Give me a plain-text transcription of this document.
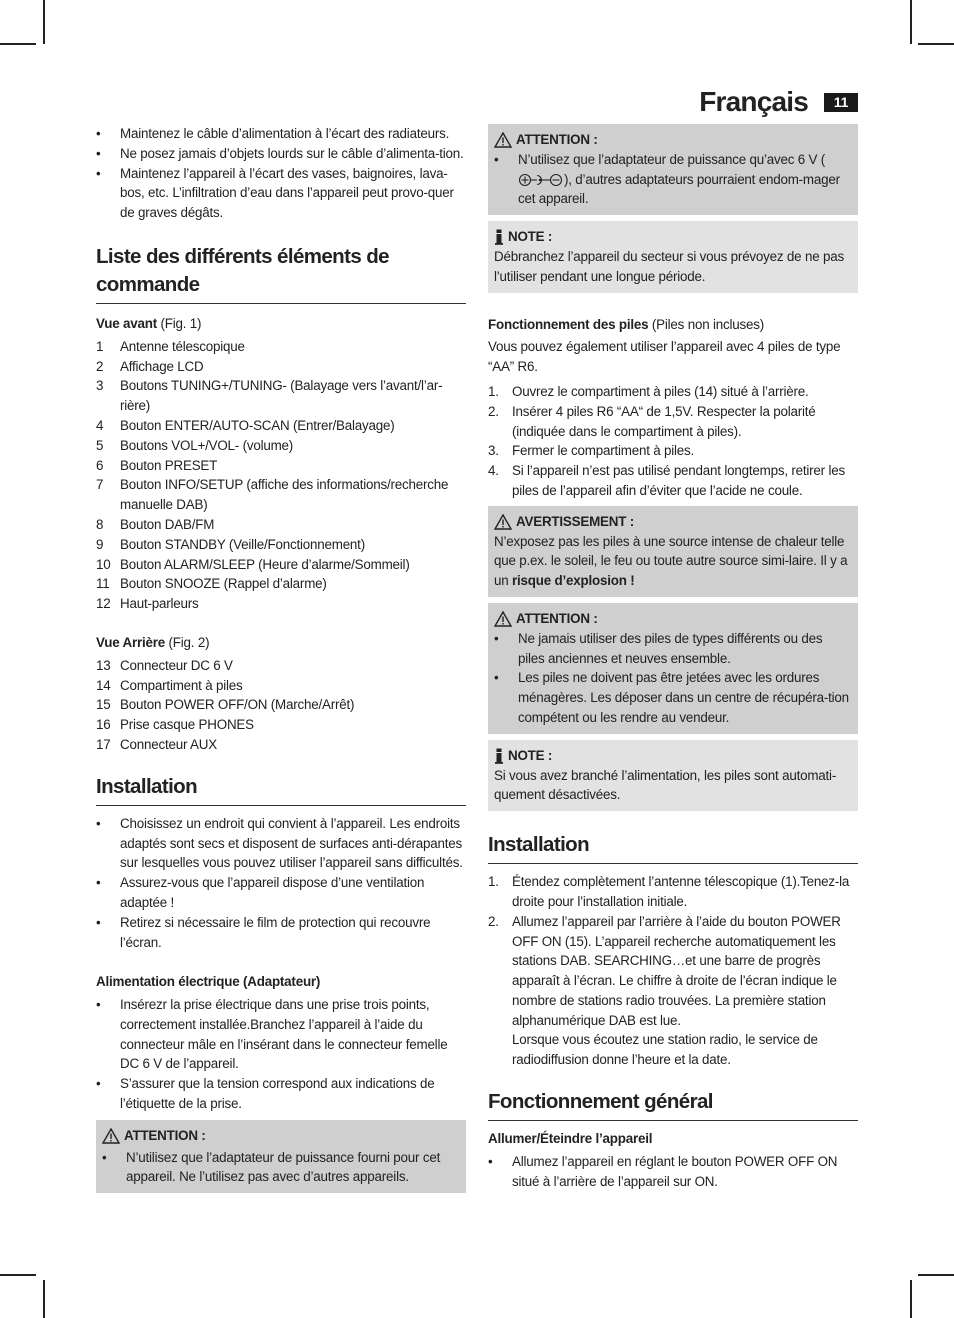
Français	11
• Maintenez le câble d’alimentation à l’écart des radiateurs.
• Ne posez jamais d’objets lourds sur le câble d’alimenta-tion.
• Maintenez l’appareil à l’écart des vases, baignoires, lava-bos, etc. L’infiltration d’eau dans l’appareil peut provo-quer de graves dégâts.
Liste des différents éléments de commande
Vue avant (Fig. 1)
1 Antenne télescopique
2 Affichage LCD
3 Boutons TUNING+/TUNING- (Balayage vers l’avant/l’ar-rière)
4 Bouton ENTER/AUTO-SCAN (Entrer/Balayage)
5 Boutons VOL+/VOL- (volume)
6 Bouton PRESET
7 Bouton INFO/SETUP (affiche des informations/recherche manuelle DAB)
8 Bouton DAB/FM
9 Bouton STANDBY (Veille/Fonctionnement)
10 Bouton ALARM/SLEEP (Heure d’alarme/Sommeil)
11 Bouton SNOOZE (Rappel d’alarme)
12 Haut-parleurs
Vue Arrière (Fig. 2)
13 Connecteur DC 6 V
14 Compartiment à piles
15 Bouton POWER OFF/ON (Marche/Arrêt)
16 Prise casque PHONES
17 Connecteur AUX
Installation
• Choisissez un endroit qui convient à l’appareil. Les endroits adaptés sont secs et disposent de surfaces anti-dérapantes sur lesquelles vous pouvez utiliser l’appareil sans difficultés.
• Assurez-vous que l’appareil dispose d’une ventilation adaptée !
• Retirez si nécessaire le film de protection qui recouvre l’écran.
Alimentation électrique (Adaptateur)
• Insérezr la prise électrique dans une prise trois points, correctement installée.Branchez l’appareil à l’aide du connecteur mâle en l’insérant dans le connecteur femelle DC 6 V de l’appareil.
• S’assurer que la tension correspond aux indications de l’étiquette de la prise.
ATTENTION :
• N’utilisez que l’adaptateur de puissance fourni pour cet appareil. Ne l’utilisez pas avec d’autres appareils.
ATTENTION :
• N’utilisez que l’adaptateur de puissance qu’avec 6 V (), d’autres adaptateurs pourraient endom-mager cet appareil.
NOTE :
Débranchez l’appareil du secteur si vous prévoyez de ne pas l’utiliser pendant une longue période.
Fonctionnement des piles (Piles non incluses)
Vous pouvez également utiliser l’appareil avec 4 piles de type “AA” R6.
1. Ouvrez le compartiment à piles (14) situé à l’arrière.
2. Insérer 4 piles R6 “AA“ de 1,5V. Respecter la polarité (indiquée dans le compartiment à piles).
3. Fermer le compartiment à piles.
4. Si l’appareil n’est pas utilisé pendant longtemps, retirer les piles de l’appareil afin d’éviter que l’acide ne coule.
AVERTISSEMENT :
N’exposez pas les piles à une source intense de chaleur telle que p.ex. le soleil, le feu ou toute autre source simi-laire. Il y a un risque d’explosion !
ATTENTION :
• Ne jamais utiliser des piles de types différents ou des piles anciennes et neuves ensemble.
• Les piles ne doivent pas être jetées avec les ordures ménagères. Les déposer dans un centre de récupéra-tion compétent ou les rendre au vendeur.
NOTE :
Si vous avez branché l’alimentation, les piles sont automati-quement désactivées.
Installation
1. Étendez complètement l’antenne télescopique (1).Tenez-la droite pour l’installation initiale.
2. Allumez l’appareil par l’arrière à l’aide du bouton POWER OFF ON (15). L’appareil recherche automatiquement les stations DAB. SEARCHING…et une barre de progrès apparaît à l’écran. Le chiffre à droite de l’écran indique le nombre de stations radio trouvées. La première station alphanumérique DAB est lue.
Lorsque vous écoutez une station radio, le service de radiodiffusion donne l’heure et la date.
Fonctionnement général
Allumer/Éteindre l’appareil
• Allumez l’appareil en réglant le bouton POWER OFF ON situé à l’arrière de l’appareil sur ON.
